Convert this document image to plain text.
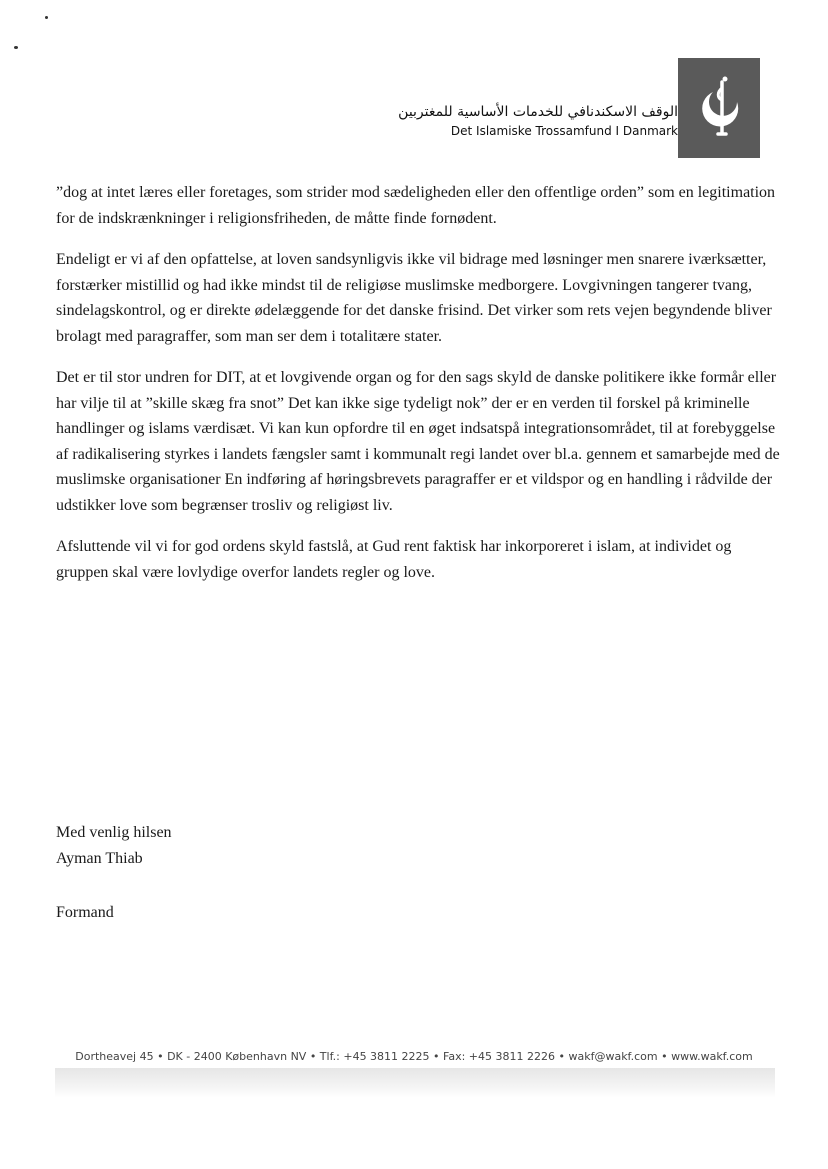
الوقف الاسكندنافي للخدمات الأساسية للمغتربين
Det Islamiske Trossamfund I Danmark

”dog at intet læres eller foretages, som strider mod sædeligheden eller den offentlige orden” som en legitimation for de indskrænkninger i religionsfriheden, de måtte finde fornødent.

Endeligt er vi af den opfattelse, at loven sandsynligvis ikke vil bidrage med løsninger men snarere iværksætter, forstærker mistillid og had ikke mindst til de religiøse muslimske medborgere. Lovgivningen tangerer tvang, sindelagskontrol, og er direkte ødelæggende for det danske frisind. Det virker som rets vejen begyndende bliver brolagt med paragraffer, som man ser dem i totalitære stater.

Det er til stor undren for DIT, at et lovgivende organ og for den sags skyld de danske politikere ikke formår eller har vilje til at ”skille skæg fra snot” Det kan ikke sige tydeligt nok” der er en verden til forskel på kriminelle handlinger og islams værdisæt. Vi kan kun opfordre til en øget indsatspå integrationsområdet, til at forebyggelse af radikalisering styrkes i landets fængsler samt i kommunalt regi landet over bl.a. gennem et samarbejde med de muslimske organisationer En indføring af høringsbrevets paragraffer er et vildspor og en handling i rådvilde der udstikker love som begrænser trosliv og religiøst liv.

Afsluttende vil vi for god ordens skyld fastslå, at Gud rent faktisk har inkorporeret i islam, at individet og gruppen skal være lovlydige overfor landets regler og love.

Med venlig hilsen
Ayman Thiab
Formand
Dortheavej 45 • DK - 2400 København NV • Tlf.: +45 3811 2225 • Fax: +45 3811 2226 • wakf@wakf.com • www.wakf.com
